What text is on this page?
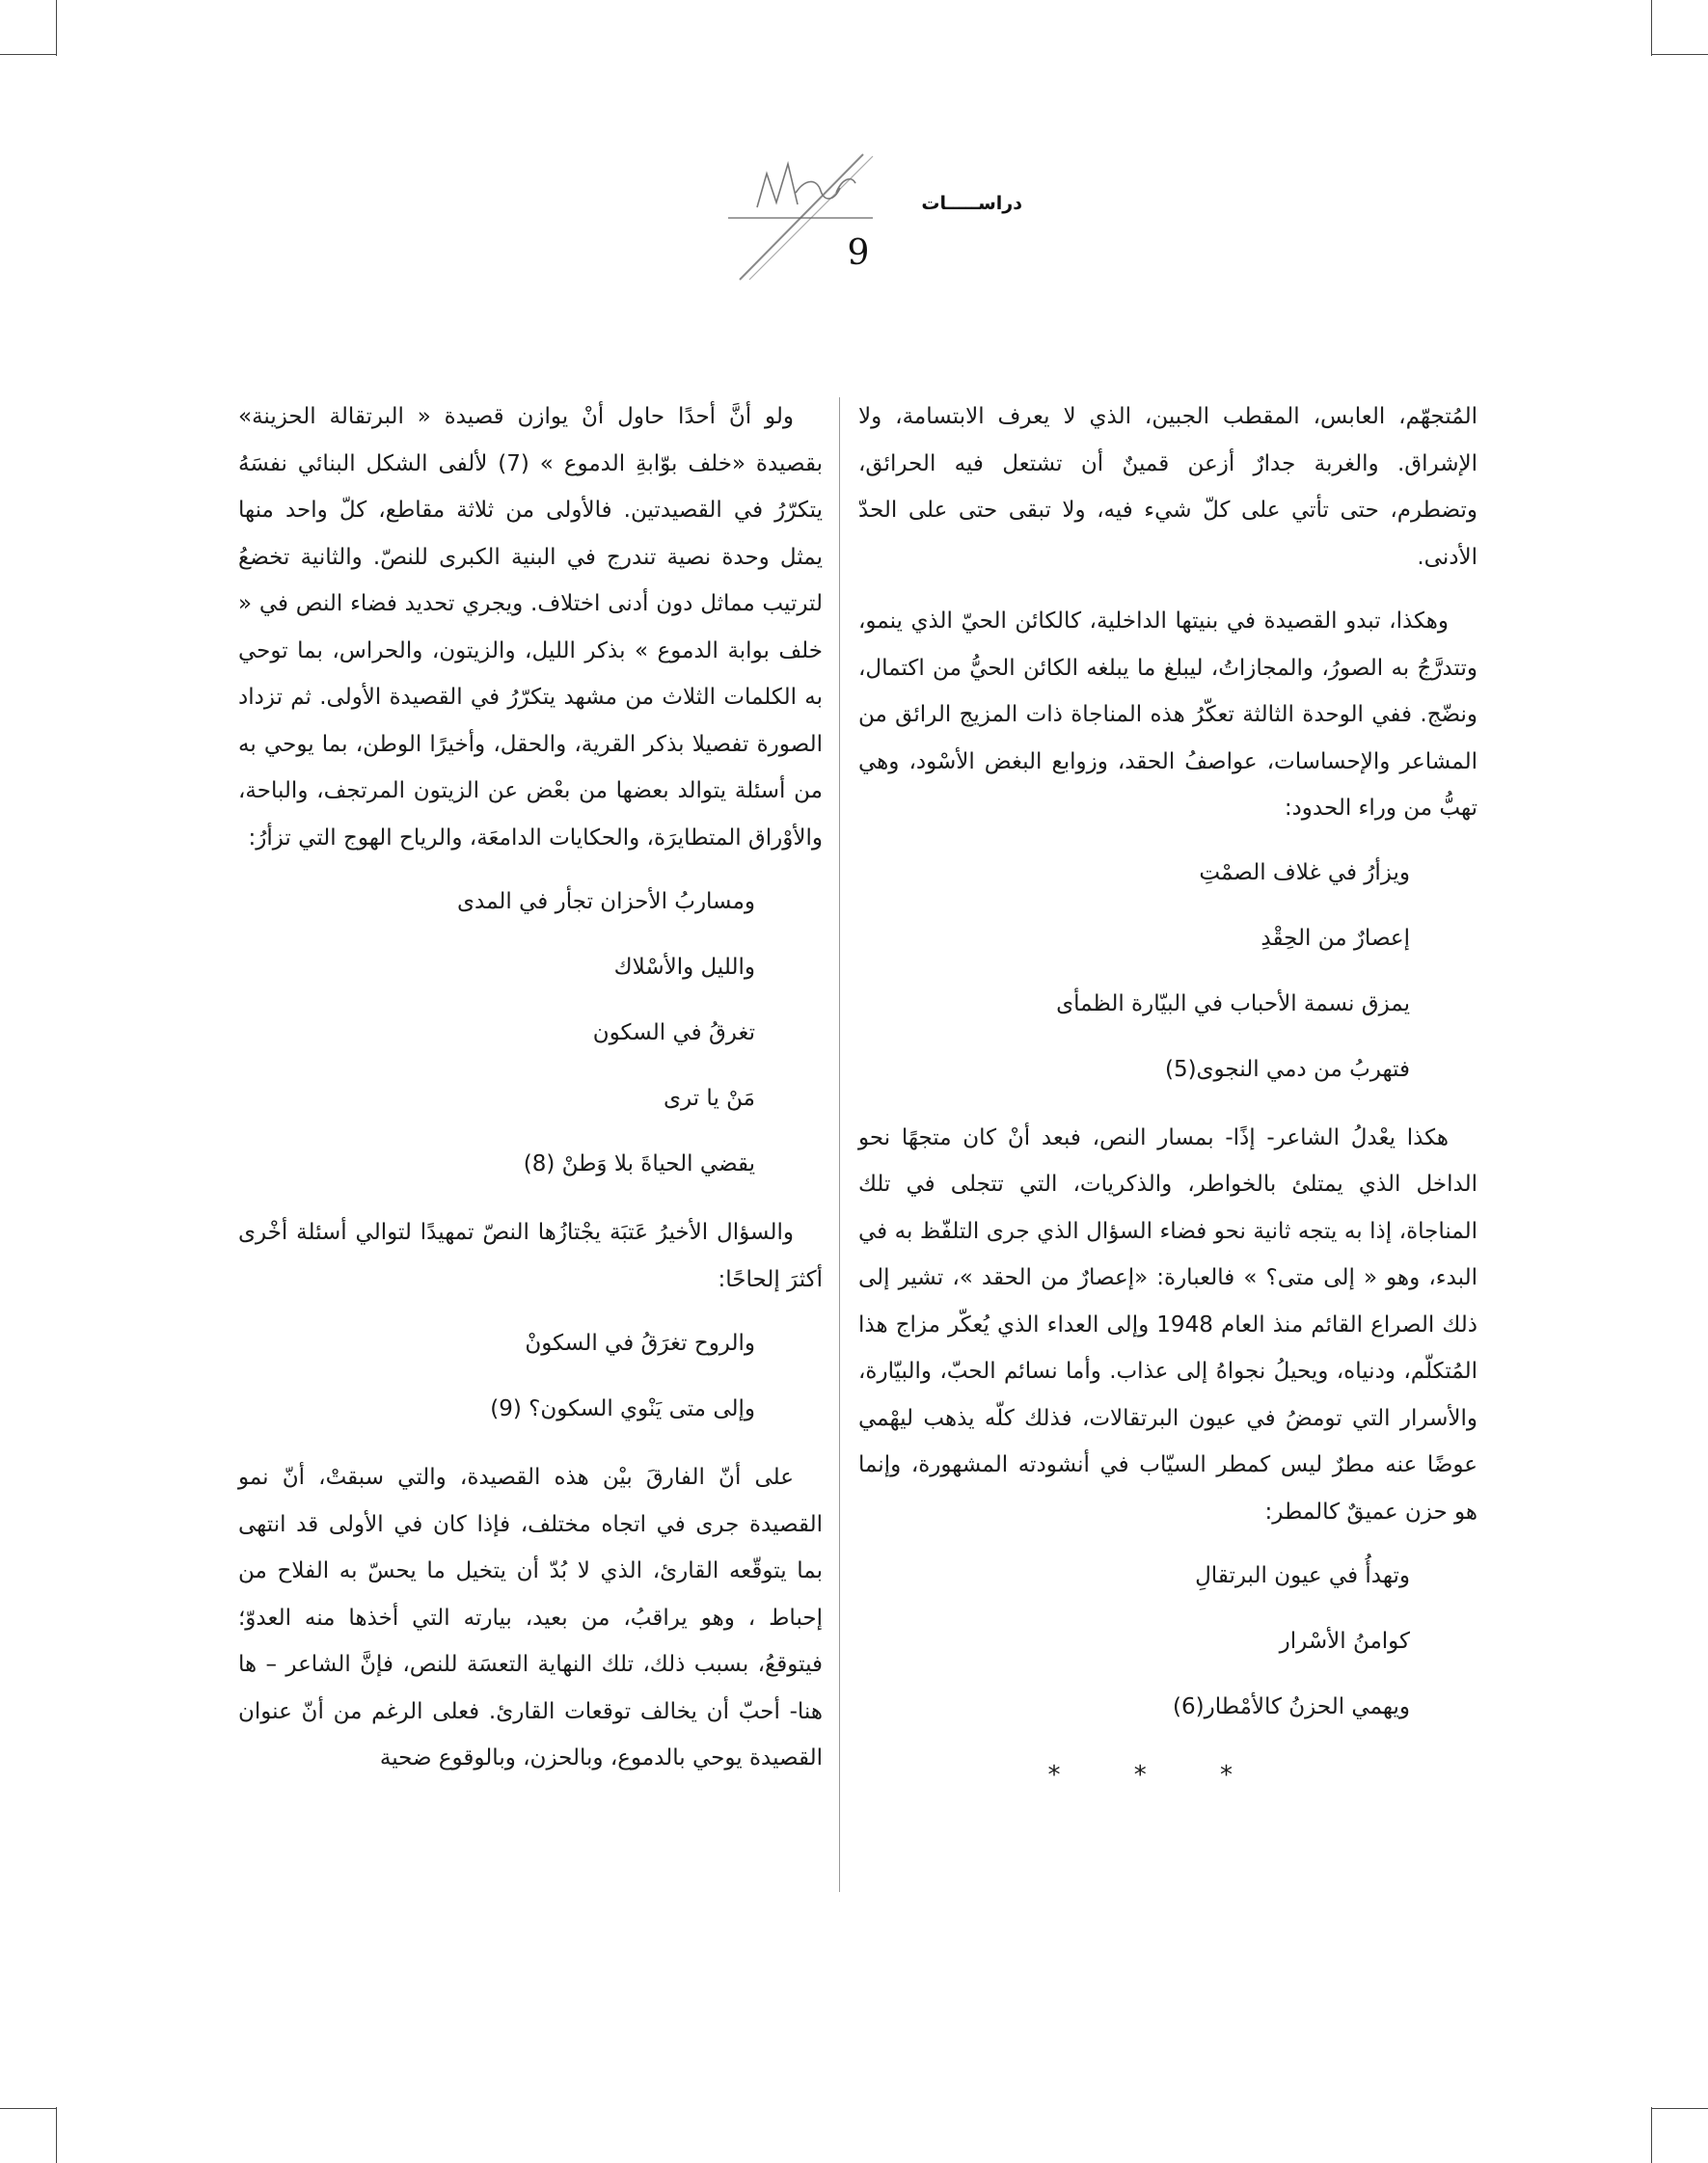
دراســـــات
9

المُتجهّم، العابس، المقطب الجبين، الذي لا يعرف الابتسامة، ولا الإشراق. والغربة جدارٌ أزعن قمينٌ أن تشتعل فيه الحرائق، وتضطرم، حتى تأتي على كلّ شيء فيه، ولا تبقى حتى على الحدّ الأدنى.

وهكذا، تبدو القصيدة في بنيتها الداخلية، كالكائن الحيّ الذي ينمو، وتتدرَّجُ به الصورُ، والمجازاتُ، ليبلغ ما يبلغه الكائن الحيُّ من اكتمال، ونضّج. ففي الوحدة الثالثة تعكّرُ هذه المناجاة ذات المزيج الرائق من المشاعر والإحساسات، عواصفُ الحقد، وزوابع البغض الأسْود، وهي تهبُّ من وراء الحدود:

ويزأرُ في غلاف الصمْتِ
إعصارٌ من الحِقْدِ
يمزق نسمة الأحباب في البيّارة الظمأى
فتهربُ من دمي النجوى(5)

هكذا يعْدلُ الشاعر- إذًا- بمسار النص، فبعد أنْ كان متجهًا نحو الداخل الذي يمتلئ بالخواطر، والذكريات، التي تتجلى في تلك المناجاة، إذا به يتجه ثانية نحو فضاء السؤال الذي جرى التلفّظ به في البدء، وهو « إلى متى؟ » فالعبارة: «إعصارٌ من الحقد »، تشير إلى ذلك الصراع القائم منذ العام 1948 وإلى العداء الذي يُعكّر مزاج هذا المُتكلّم، ودنياه، ويحيلُ نجواهُ إلى عذاب. وأما نسائم الحبّ، والبيّارة، والأسرار التي تومضُ في عيون البرتقالات، فذلك كلّه يذهب ليهْمي عوضًا عنه مطرٌ ليس كمطر السيّاب في أنشودته المشهورة، وإنما هو حزن عميقٌ كالمطر:

وتهدأُ في عيون البرتقالِ
كوامنُ الأسْرار
ويهمي الحزنُ كالأمْطار(6)
* * *

ولو أنَّ أحدًا حاول أنْ يوازن قصيدة « البرتقالة الحزينة» بقصيدة «خلف بوّابةِ الدموع » (7) لألفى الشكل البنائي نفسَهُ يتكرّرُ في القصيدتين. فالأولى من ثلاثة مقاطع، كلّ واحد منها يمثل وحدة نصية تندرج في البنية الكبرى للنصّ. والثانية تخضعُ لترتيب مماثل دون أدنى اختلاف. ويجري تحديد فضاء النص في « خلف بوابة الدموع » بذكر الليل، والزيتون، والحراس، بما توحي به الكلمات الثلاث من مشهد يتكرّرُ في القصيدة الأولى. ثم تزداد الصورة تفصيلا بذكر القرية، والحقل، وأخيرًا الوطن، بما يوحي به من أسئلة يتوالد بعضها من بعْض عن الزيتون المرتجف، والباحة، والأوْراق المتطايرَة، والحكايات الدامعَة، والرياح الهوج التي تزأرُ:

ومساربُ الأحزان تجأر في المدى
والليل والأسْلاك
تغرقُ في السكون
مَنْ يا ترى
يقضي الحياةَ بلا وَطنْ (8)

والسؤال الأخيرُ عَتبَة يجْتازُها النصّ تمهيدًا لتوالي أسئلة أخْرى أكثرَ إلحاحًا:

والروح تغرَقُ في السكونْ
وإلى متى يَنْوي السكون؟ (9)

على أنّ الفارقَ بيْن هذه القصيدة، والتي سبقتْ، أنّ نمو القصيدة جرى في اتجاه مختلف، فإذا كان في الأولى قد انتهى بما يتوقّعه القارئ، الذي لا بُدّ أن يتخيل ما يحسّ به الفلاح من إحباط ، وهو يراقبُ، من بعيد، بيارته التي أخذها منه العدوّ؛ فيتوقعُ، بسبب ذلك، تلك النهاية التعسَة للنص، فإنَّ الشاعر – ها هنا- أحبّ أن يخالف توقعات القارئ. فعلى الرغم من أنّ عنوان القصيدة يوحي بالدموع، وبالحزن، وبالوقوع ضحية
